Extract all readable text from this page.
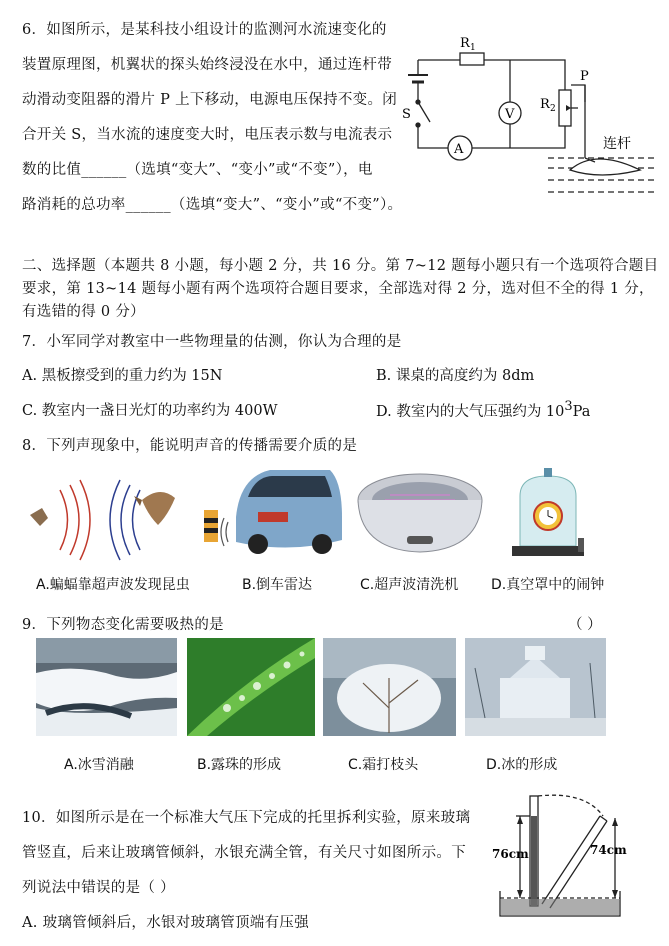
6．如图所示，是某科技小组设计的监测河水流速变化的
装置原理图，机翼状的探头始终浸没在水中，通过连杆带
动滑动变阻器的滑片 P 上下移动，电源电压保持不变。闭
合开关 S，当水流的速度变大时，电压表示数与电流表示
数的比值______（选填“变大”、“变小”或“不变”），电
路消耗的总功率______（选填“变大”、“变小”或“不变”）。
V
A
R 1
R 2
P
S
连杆
二、选择题（本题共 8 小题，每小题 2 分，共 16 分。第 7~12 题每小题只有一个选项符合题目
要求，第 13~14 题每小题有两个选项符合题目要求，全部选对得 2 分，选对但不全的得 1 分，
有选错的得 0 分）
7．小军同学对教室中一些物理量的估测，你认为合理的是
A. 黑板擦受到的重力约为 15N	B. 课桌的高度约为 8dm
C. 教室内一盏日光灯的功率约为 400W	D. 教室内的大气压强约为 $10^3Pa$
8．下列声现象中，能说明声音的传播需要介质的是
A.蝙蝠靠超声波发现昆虫	B.倒车雷达	C.超声波清洗机 D.真空罩中的闹钟
9．下列物态变化需要吸热的是	（ ）
A.冰雪消融	B.露珠的形成	C.霜打枝头	D.冰的形成
10．如图所示是在一个标准大气压下完成的托里拆利实验，原来玻璃
管竖直，后来让玻璃管倾斜，水银充满全管，有关尺寸如图所示。下
列说法中错误的是（ ）
A. 玻璃管倾斜后，水银对玻璃管顶端有压强
76cm	74cm
